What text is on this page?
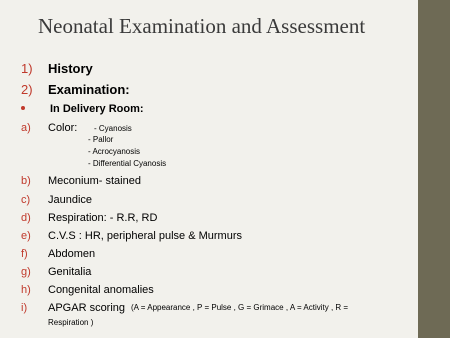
Neonatal Examination and Assessment
1) History
2) Examination:
In Delivery Room:
a) Color: - Cyanosis
- Pallor
- Acrocyanosis
- Differential Cyanosis
b) Meconium- stained
c) Jaundice
d) Respiration: - R.R, RD
e) C.V.S : HR, peripheral pulse & Murmurs
f) Abdomen
g) Genitalia
h) Congenital anomalies
i) APGAR scoring (A = Appearance , P = Pulse , G = Grimace , A = Activity , R =
Respiration )
